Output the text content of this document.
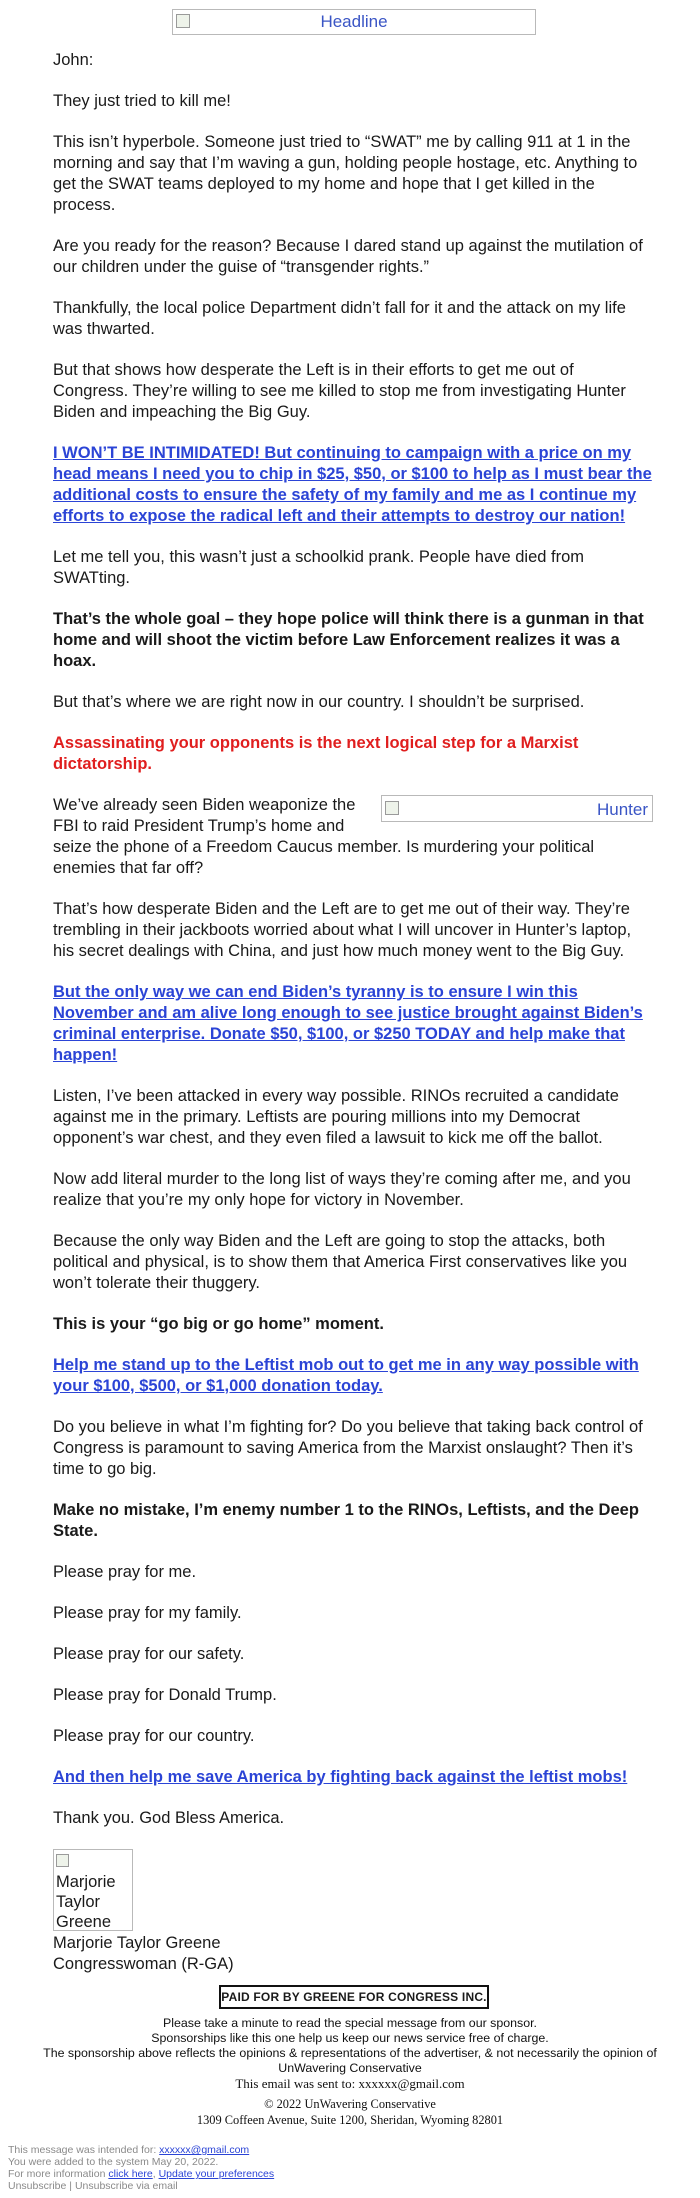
Headline

John:

They just tried to kill me!

This isn’t hyperbole. Someone just tried to “SWAT” me by calling 911 at 1 in the morning and say that I’m waving a gun, holding people hostage, etc. Anything to get the SWAT teams deployed to my home and hope that I get killed in the process.

Are you ready for the reason? Because I dared stand up against the mutilation of our children under the guise of “transgender rights.”

Thankfully, the local police Department didn’t fall for it and the attack on my life was thwarted.

But that shows how desperate the Left is in their efforts to get me out of Congress. They’re willing to see me killed to stop me from investigating Hunter Biden and impeaching the Big Guy.

I WON’T BE INTIMIDATED! But continuing to campaign with a price on my head means I need you to chip in $25, $50, or $100 to help as I must bear the additional costs to ensure the safety of my family and me as I continue my efforts to expose the radical left and their attempts to destroy our nation!

Let me tell you, this wasn’t just a schoolkid prank. People have died from SWATting.

That’s the whole goal – they hope police will think there is a gunman in that home and will shoot the victim before Law Enforcement realizes it was a hoax.

But that’s where we are right now in our country. I shouldn’t be surprised.

Assassinating your opponents is the next logical step for a Marxist dictatorship.

Hunter
We’ve already seen Biden weaponize the FBI to raid President Trump’s home and seize the phone of a Freedom Caucus member. Is murdering your political enemies that far off?

That’s how desperate Biden and the Left are to get me out of their way. They’re trembling in their jackboots worried about what I will uncover in Hunter’s laptop, his secret dealings with China, and just how much money went to the Big Guy.

But the only way we can end Biden’s tyranny is to ensure I win this November and am alive long enough to see justice brought against Biden’s criminal enterprise. Donate $50, $100, or $250 TODAY and help make that happen!

Listen, I’ve been attacked in every way possible. RINOs recruited a candidate against me in the primary. Leftists are pouring millions into my Democrat opponent’s war chest, and they even filed a lawsuit to kick me off the ballot.

Now add literal murder to the long list of ways they’re coming after me, and you realize that you’re my only hope for victory in November.

Because the only way Biden and the Left are going to stop the attacks, both political and physical, is to show them that America First conservatives like you won’t tolerate their thuggery.

This is your “go big or go home” moment.

Help me stand up to the Leftist mob out to get me in any way possible with your $100, $500, or $1,000 donation today.

Do you believe in what I’m fighting for? Do you believe that taking back control of Congress is paramount to saving America from the Marxist onslaught? Then it’s time to go big.

Make no mistake, I’m enemy number 1 to the RINOs, Leftists, and the Deep State.

Please pray for me.

Please pray for my family.

Please pray for our safety.

Please pray for Donald Trump.

Please pray for our country.

And then help me save America by fighting back against the leftist mobs!

Thank you. God Bless America.

Marjorie Taylor Greene
Marjorie Taylor Greene
Congresswoman (R-GA)
PAID FOR BY GREENE FOR CONGRESS INC.
Please take a minute to read the special message from our sponsor.
Sponsorships like this one help us keep our news service free of charge.
The sponsorship above reflects the opinions & representations of the advertiser, & not necessarily the opinion of UnWavering Conservative
This email was sent to: xxxxxx@gmail.com
© 2022 UnWavering Conservative
1309 Coffeen Avenue, Suite 1200, Sheridan, Wyoming 82801
This message was intended for: xxxxxx@gmail.com
You were added to the system May 20, 2022.
For more information click here, Update your preferences
Unsubscribe | Unsubscribe via email
